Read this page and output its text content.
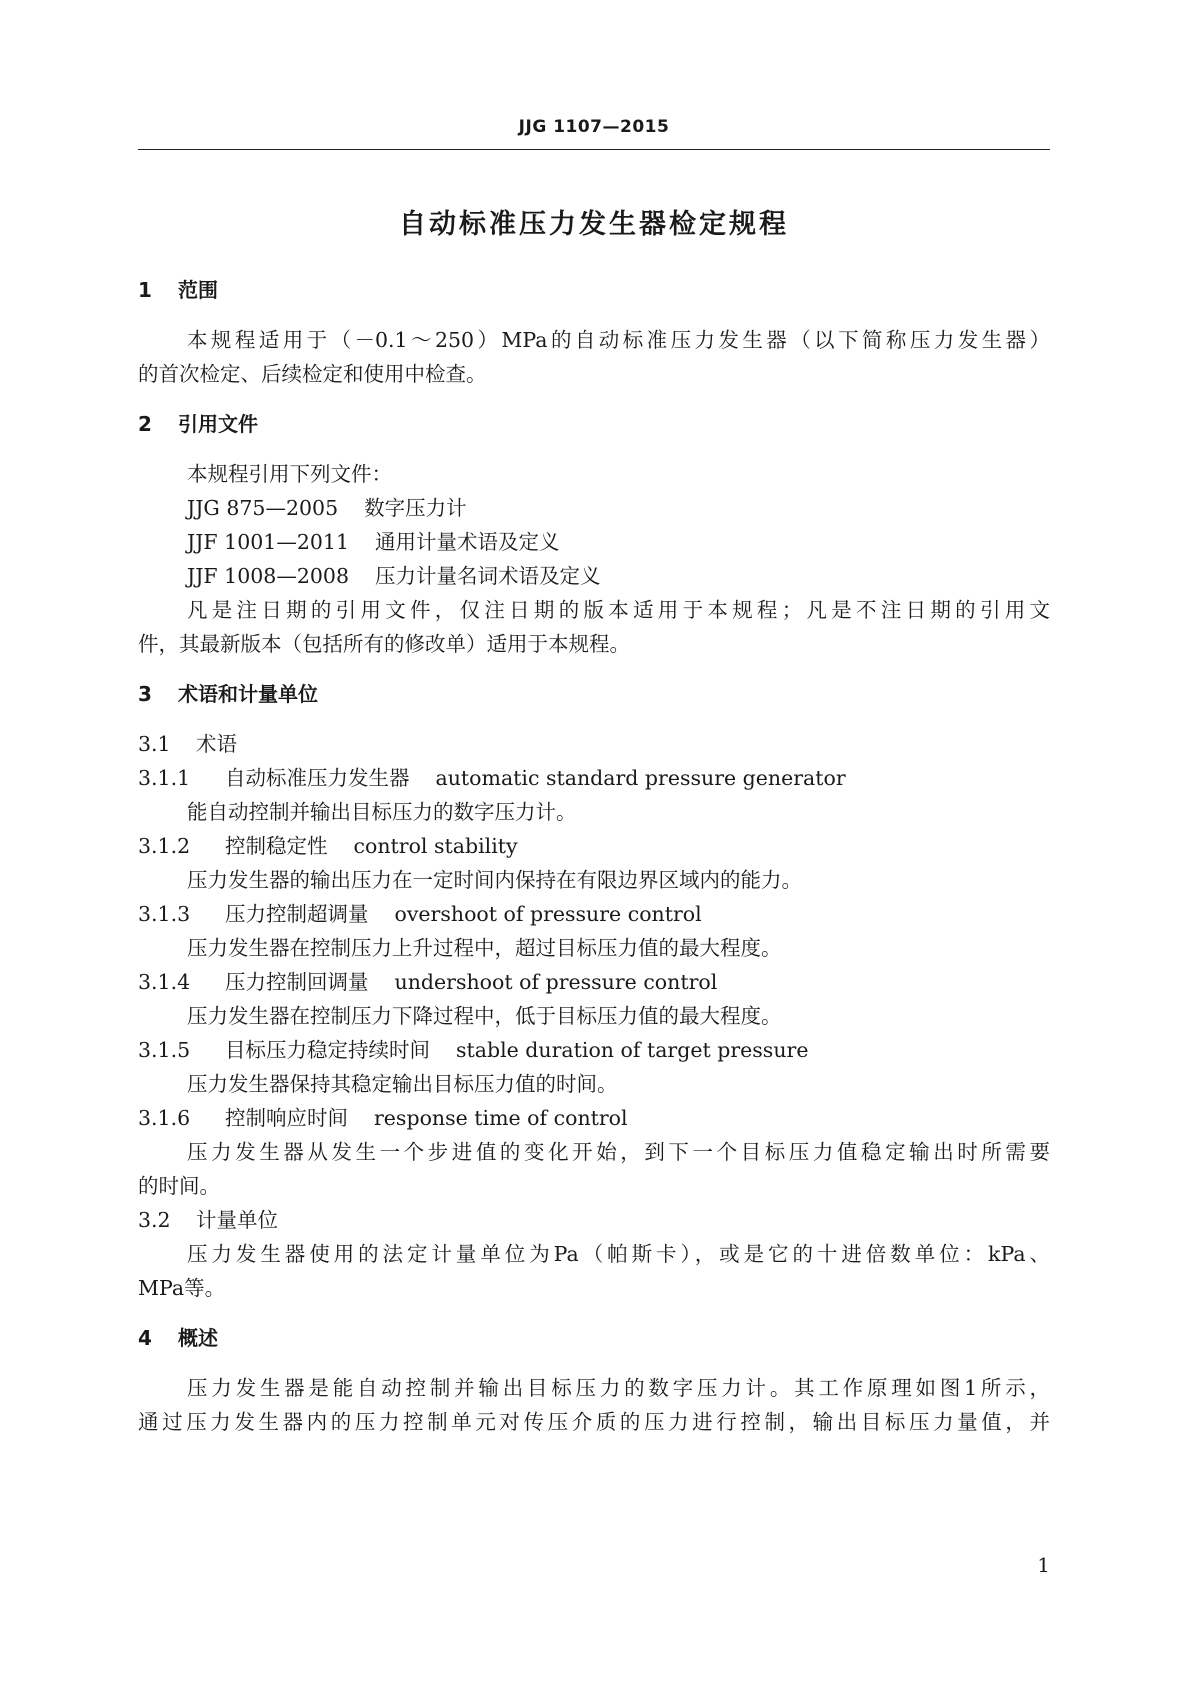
JJG 1107—2015
自动标准压力发生器检定规程
1 范围
本规程适用于（－0.1～250）MPa的自动标准压力发生器（以下简称压力发生器）
的首次检定、后续检定和使用中检查。
2 引用文件
本规程引用下列文件：
JJG 875—2005 数字压力计
JJF 1001—2011 通用计量术语及定义
JJF 1008—2008 压力计量名词术语及定义
凡是注日期的引用文件，仅注日期的版本适用于本规程；凡是不注日期的引用文
件，其最新版本（包括所有的修改单）适用于本规程。
3 术语和计量单位
3.1 术语
3.1.1 自动标准压力发生器 automatic standard pressure generator
能自动控制并输出目标压力的数字压力计。
3.1.2 控制稳定性 control stability
压力发生器的输出压力在一定时间内保持在有限边界区域内的能力。
3.1.3 压力控制超调量 overshoot of pressure control
压力发生器在控制压力上升过程中，超过目标压力值的最大程度。
3.1.4 压力控制回调量 undershoot of pressure control
压力发生器在控制压力下降过程中，低于目标压力值的最大程度。
3.1.5 目标压力稳定持续时间 stable duration of target pressure
压力发生器保持其稳定输出目标压力值的时间。
3.1.6 控制响应时间 response time of control
压力发生器从发生一个步进值的变化开始，到下一个目标压力值稳定输出时所需要
的时间。
3.2 计量单位
压力发生器使用的法定计量单位为Pa（帕斯卡），或是它的十进倍数单位：kPa、
MPa等。
4 概述
压力发生器是能自动控制并输出目标压力的数字压力计。其工作原理如图1所示，
通过压力发生器内的压力控制单元对传压介质的压力进行控制，输出目标压力量值，并
1
